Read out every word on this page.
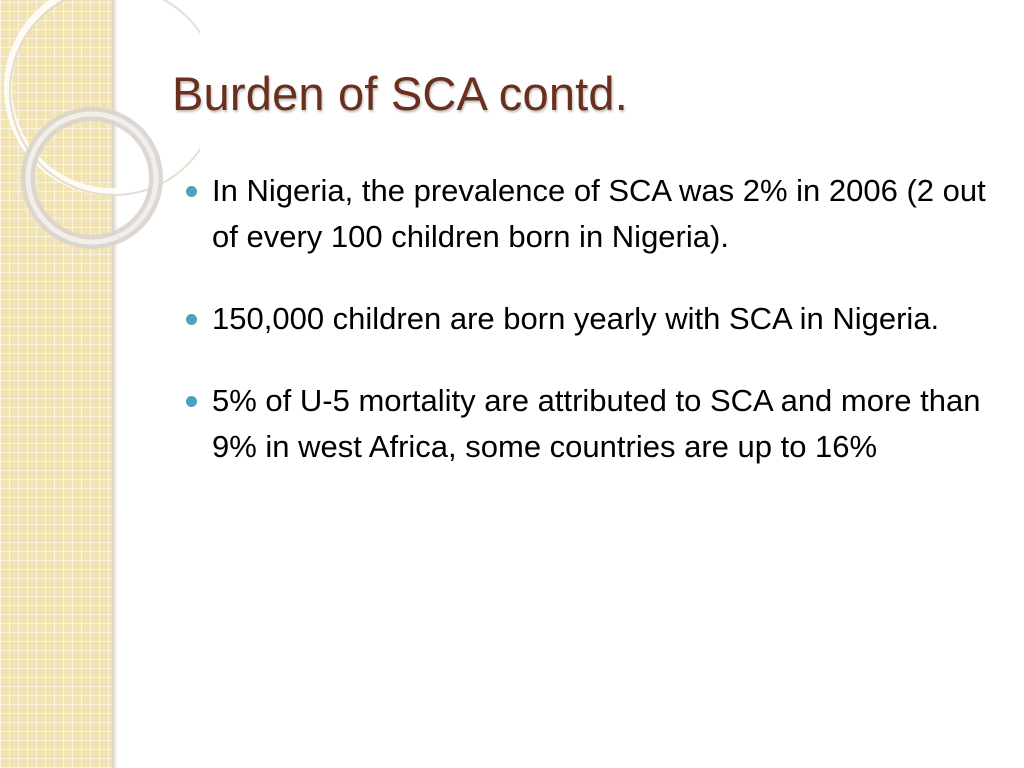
Burden of SCA contd.
In Nigeria, the prevalence of SCA was 2% in 2006 (2 out of every 100 children born in Nigeria).
150,000 children are born yearly with SCA in Nigeria.
5% of U-5 mortality are attributed to SCA and more than 9% in west Africa, some countries are up to 16%
